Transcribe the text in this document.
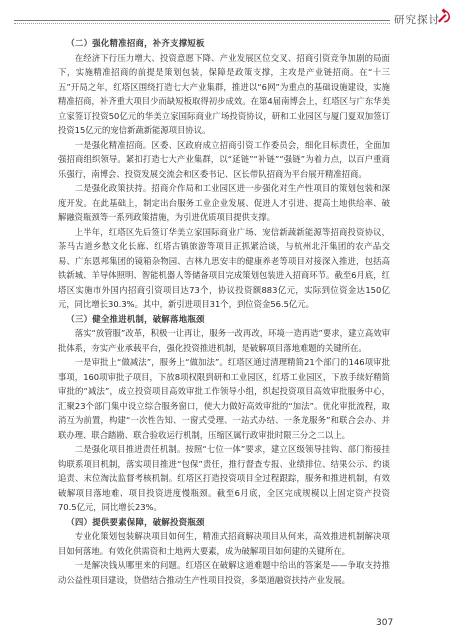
研究探讨

（二）强化精准招商，补齐支撑短板

在经济下行压力增大、投资意愿下降、产业发展区位交叉、招商引资竞争加剧的局面下，实施精准招商的前提是策划包装，保障是政策支撑，主攻是产业链招商。在“十三五”开局之年，红塔区围绕打造七大产业集群，推进以“6网”为重点的基础设施建设，实施精准招商，补齐重大项目少而缺短板取得初步成效。在第4届南博会上，红塔区与广东华美立家签订投资50亿元的华美立家国际商业广场投资协议，研和工业园区与厦门夏双加签订投资15亿元的宠信新蔬新能源项目协议。

一是强化精准招商。区委、区政府成立招商引资工作委员会，细化目标责任，全面加强招商组织领导。紧扣打造七大产业集群，以“延链”“补链”“强链”为着力点，以百户重商乐强行，南博会、投资发展交流会和区委书记、区长带队招商为平台展开精准招商。

二是强化政策扶持。招商介作局和工业园区进一步强化对生产性项目的策划包装和深度开发。在此基础上，制定出台服务工业企业发展、促进人才引进、提高土地供给率、破解融资瓶颈等一系列政策措施，为引进优质项目提供支撑。

上半年，红塔区先后签订华美立家国际商业广场、宠信新蔬新能源等招商投资协议，茶马古道乡愁文化长廊、红塔古镇旅游等项目正抓紧洽谈，与杭州北汗集团的农产品交易、广东恩邦集团的镜箱杂物园、吉林九思安丰的健康养老等项目对接深入推进，包括高铁新城、羊导体照明、智能机器人等储备项目完成策划包装进入招商环节。截至6月底，红塔区实施市外国内招商引资项目达73个，协议投资额883亿元，实际到位资金达150亿元，同比增长30.3%。其中，新引进项目31个，到位资金56.5亿元。

（三）健全推进机制，破解落地瓶颈

落实“放管服”改革，积极一让再让，服务一改再改，环境一造再造”要求，建立高效审批体系，夯实产业承载平台，强化投资推进机制，是破解项目落地难题的关键所在。

一是审批上“做减法”，服务上“做加法”。红塔区通过清理精简21个部门的146项审批事项，160项审批子项目，下放8项权限到研和工业园区，红塔工业园区，下放手续好精简审批的“减法”，成立投资项目高效审批工作领导小组，织起投资项目高效审批服务中心，汇聚23个部门集中设立综合服务窗口，使大力做好高效审批的“加法”。优化审批流程，取消互为前置，构建“一次性告知、一窗式受理、一站式办结、一条龙服务”和联合会办、并联办理、联合踏勘、联合验收运行机制，压缩区属行政审批时限三分之二以上。

二是强化项目推进责任机制。按照“七位一体”要求，建立区级领导挂钩、部门衔接挂钩联系项目机制，落实项目推进“包保”责任，推行督查专报、业绩排位、结果公示、约谈追责、末位淘汰监督考核机制。红塔区打造投资项目全过程跟踪，服务和推进机制，有效破解项目落地难、项目投资进度慢瓶颈。截至6月底，全区完成规模以上固定资产投资70.5亿元，同比增长23%。

（四）提供要素保障，破解投资瓶颈

专业化策划包装解决项目如何生，精准式招商解决项目从何来，高效推进机制解决项目如何落地。有效化供需资和土地两大要素，成为破解项目如何建的关键所在。

一是解决钱从哪里来的问题。红塔区在破解这道难题中给出的答案是——争取支持推动公益性项目建设，贷借结合推动生产性项目投资，多渠道融资扶持产业发展。

307
